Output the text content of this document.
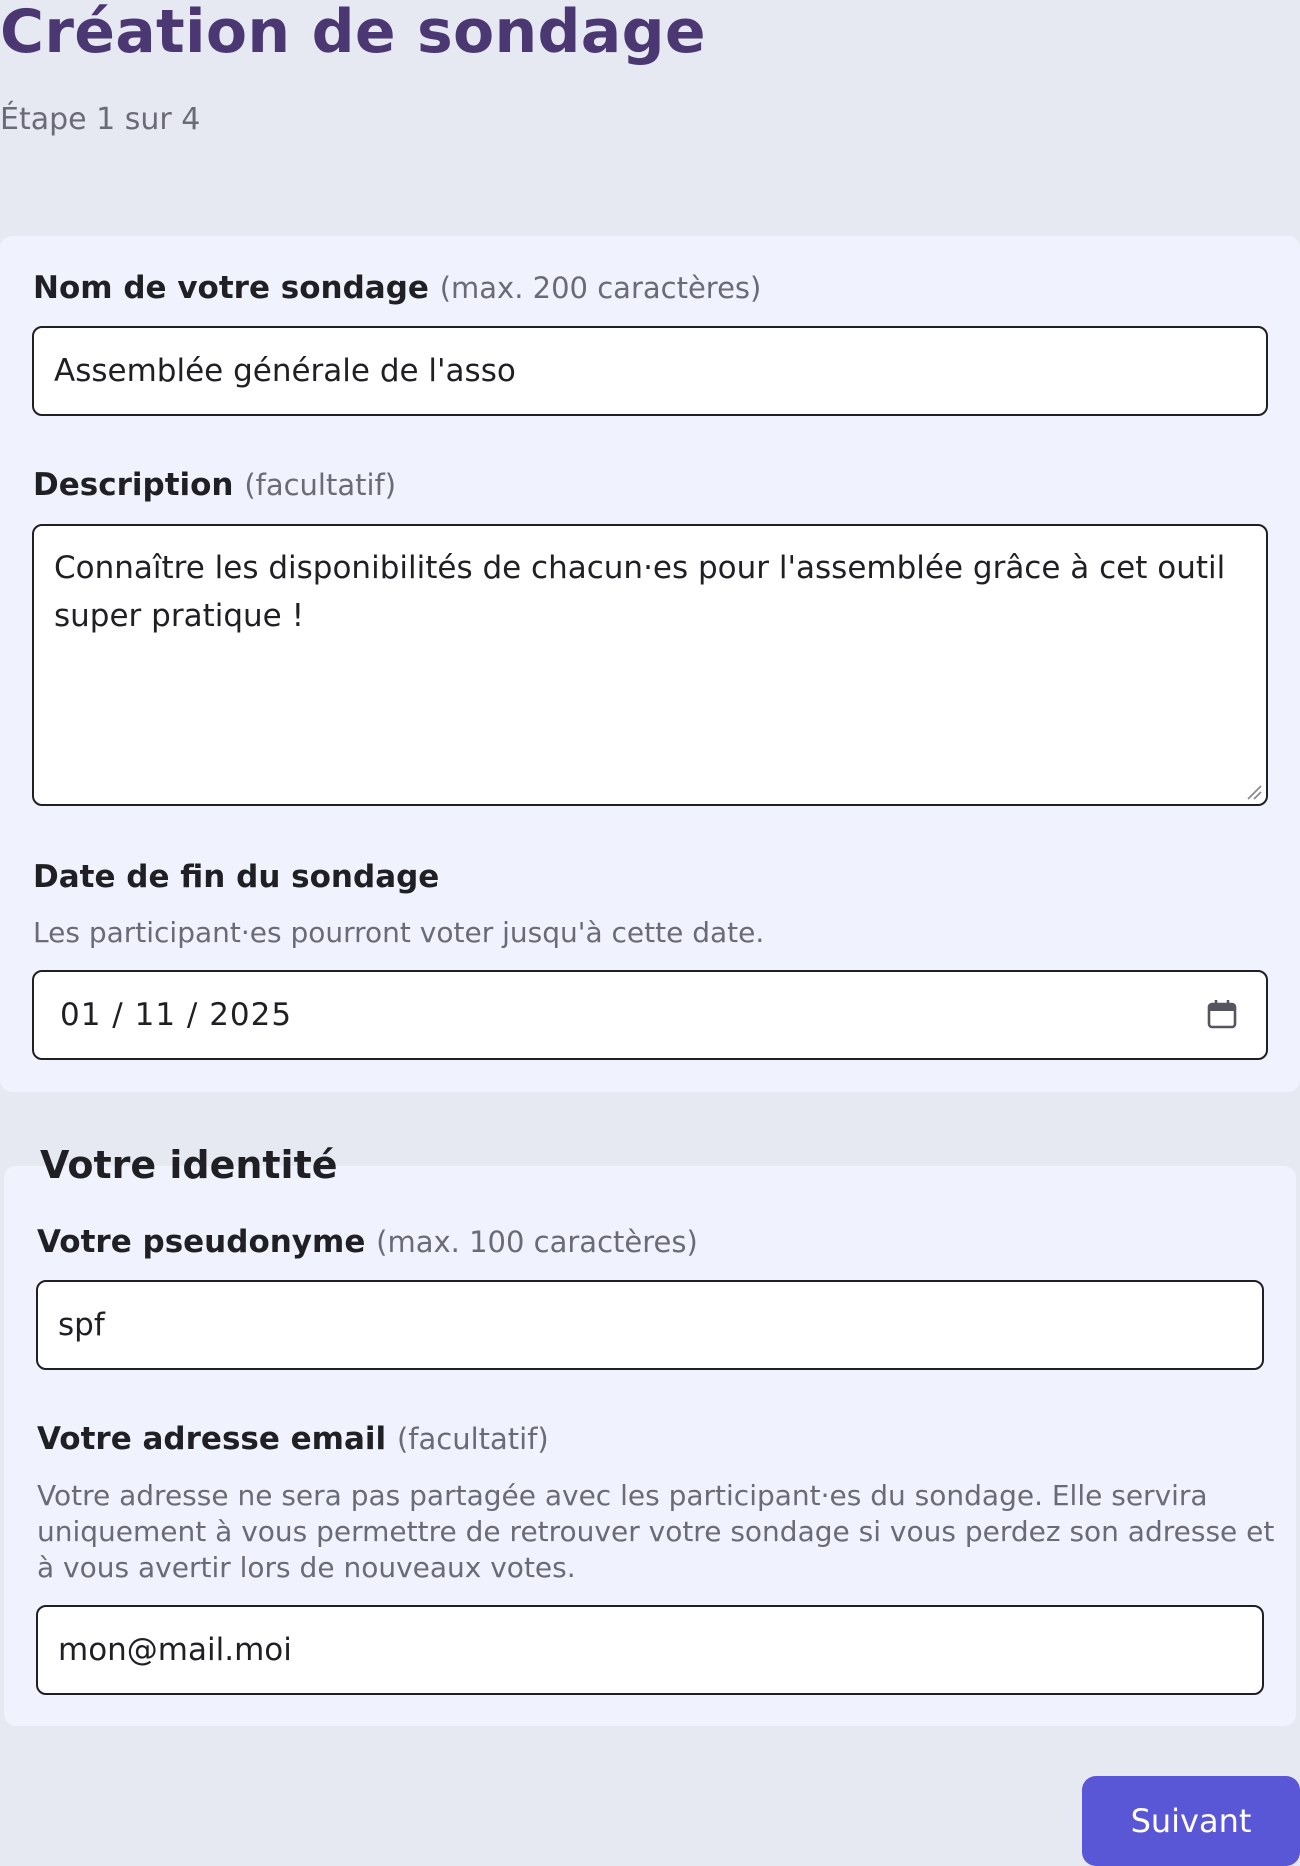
Création de sondage
Étape 1 sur 4
Nom de votre sondage (max. 200 caractères)
Assemblée générale de l'asso
Description (facultatif)
Connaître les disponibilités de chacun·es pour l'assemblée grâce à cet outil super pratique !
Date de fin du sondage
Les participant·es pourront voter jusqu'à cette date.
01 / 11 / 2025
Votre identité
Votre pseudonyme (max. 100 caractères)
spf
Votre adresse email (facultatif)
Votre adresse ne sera pas partagée avec les participant·es du sondage. Elle servira uniquement à vous permettre de retrouver votre sondage si vous perdez son adresse et à vous avertir lors de nouveaux votes.
mon@mail.moi
Suivant
